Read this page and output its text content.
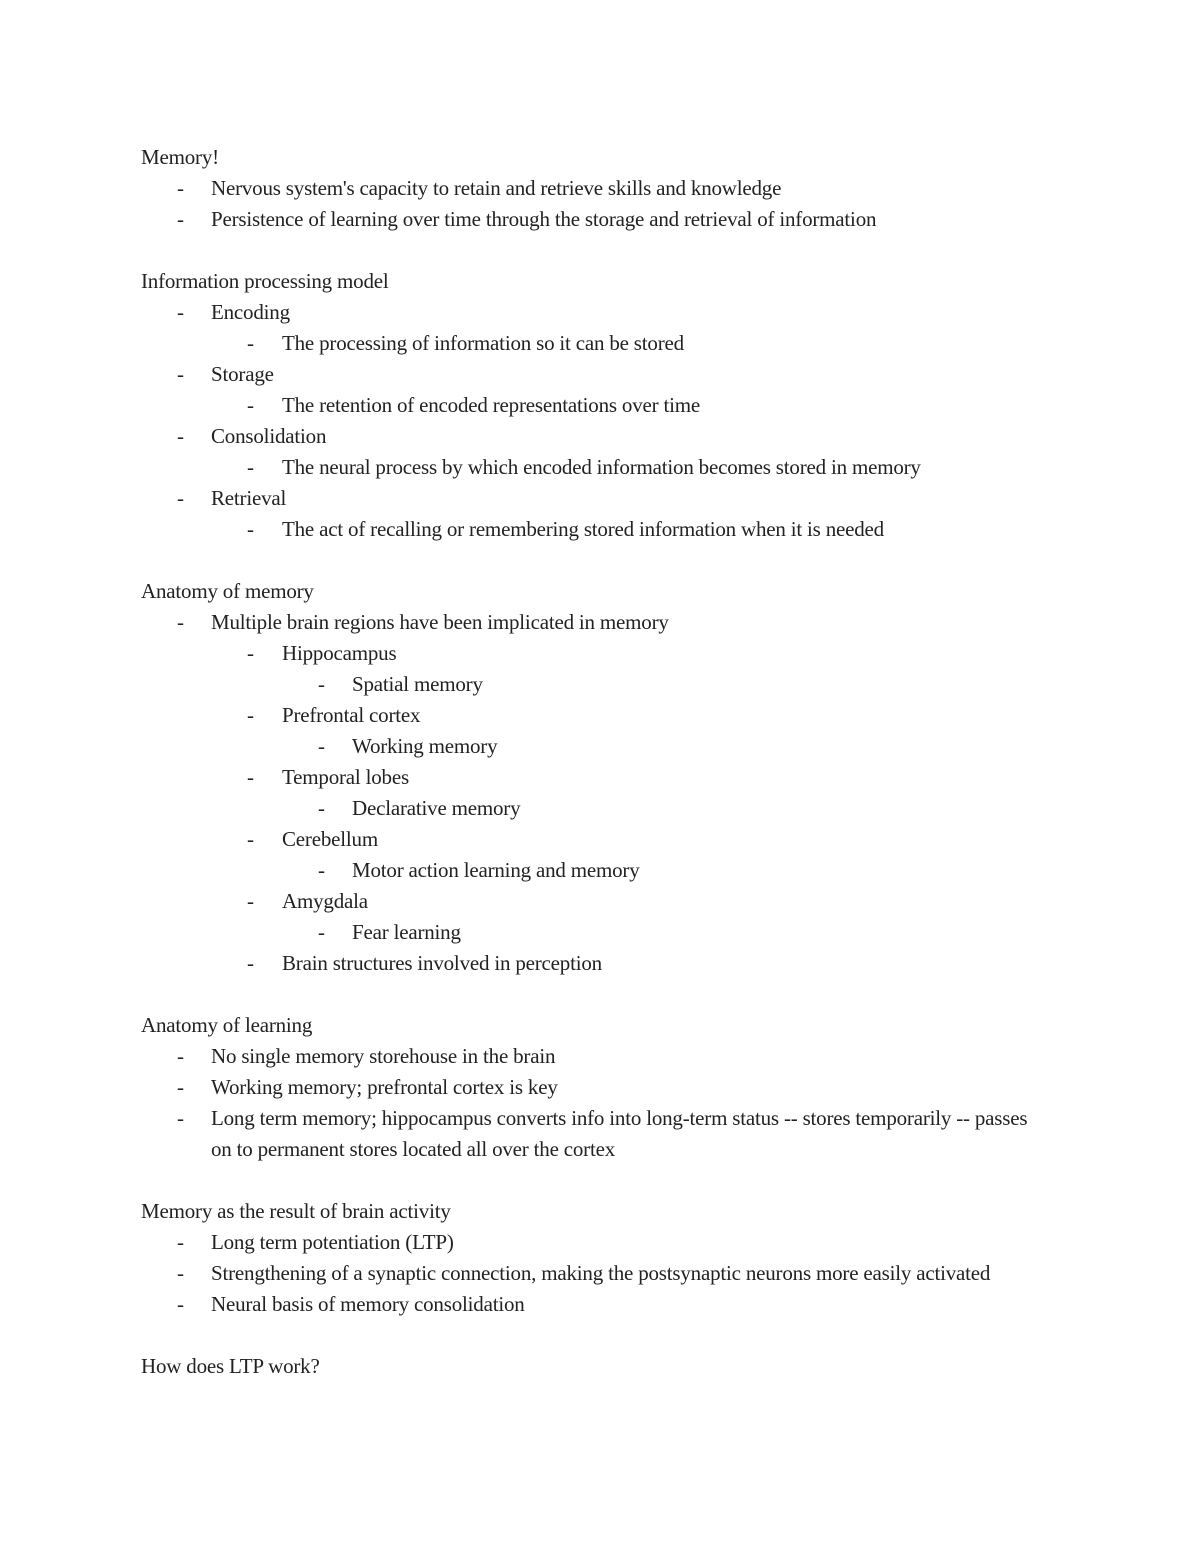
Memory!
- Nervous system's capacity to retain and retrieve skills and knowledge
- Persistence of learning over time through the storage and retrieval of information
Information processing model
- Encoding
- The processing of information so it can be stored
- Storage
- The retention of encoded representations over time
- Consolidation
- The neural process by which encoded information becomes stored in memory
- Retrieval
- The act of recalling or remembering stored information when it is needed
Anatomy of memory
- Multiple brain regions have been implicated in memory
- Hippocampus
- Spatial memory
- Prefrontal cortex
- Working memory
- Temporal lobes
- Declarative memory
- Cerebellum
- Motor action learning and memory
- Amygdala
- Fear learning
- Brain structures involved in perception
Anatomy of learning
- No single memory storehouse in the brain
- Working memory; prefrontal cortex is key
- Long term memory; hippocampus converts info into long-term status -- stores temporarily -- passes on to permanent stores located all over the cortex
Memory as the result of brain activity
- Long term potentiation (LTP)
- Strengthening of a synaptic connection, making the postsynaptic neurons more easily activated
- Neural basis of memory consolidation
How does LTP work?
